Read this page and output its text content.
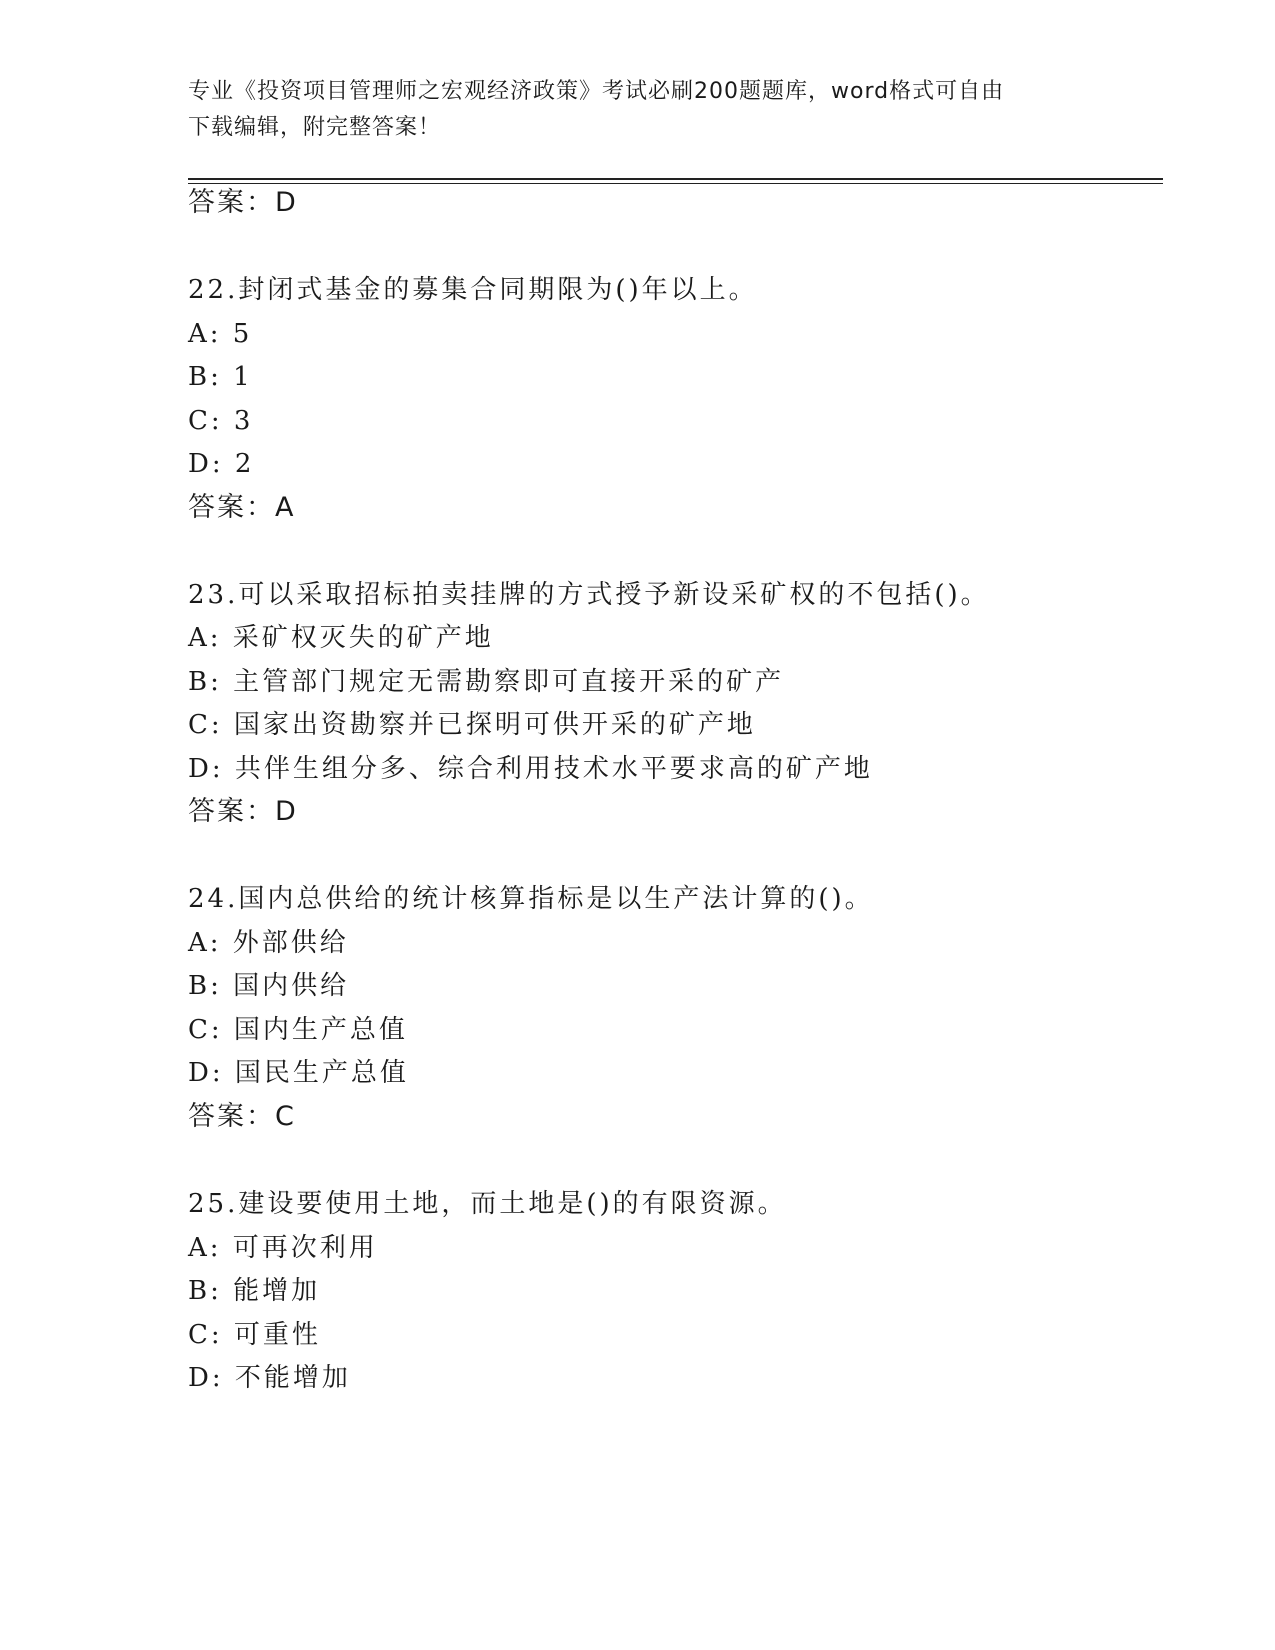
专业《投资项目管理师之宏观经济政策》考试必刷200题题库，word格式可自由
下载编辑，附完整答案！
答案：D
22.封闭式基金的募集合同期限为()年以上。
A: 5
B: 1
C: 3
D: 2
答案：A
23.可以采取招标拍卖挂牌的方式授予新设采矿权的不包括()。
A: 采矿权灭失的矿产地
B: 主管部门规定无需勘察即可直接开采的矿产
C: 国家出资勘察并已探明可供开采的矿产地
D: 共伴生组分多、综合利用技术水平要求高的矿产地
答案：D
24.国内总供给的统计核算指标是以生产法计算的()。
A: 外部供给
B: 国内供给
C: 国内生产总值
D: 国民生产总值
答案：C
25.建设要使用土地，而土地是()的有限资源。
A: 可再次利用
B: 能增加
C: 可重性
D: 不能增加
